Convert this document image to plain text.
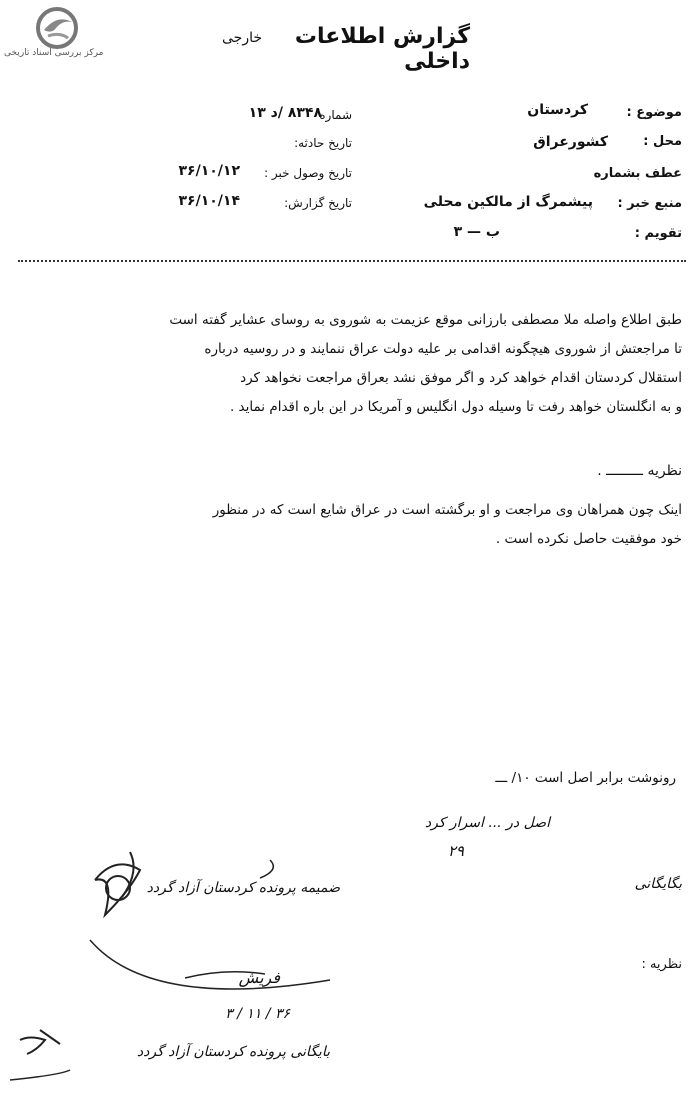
مرکز بررسی اسناد تاریخی
گزارش اطلاعات داخلی
خارجی
موضوع :
کردستان
محل :
کشورعراق
عطف بشماره
منبع خبر :
پیشمرگ از مالکین محلی
تقویم :
ب — ۳
شماره
۸۳۴۸ /د ۱۳
تاریخ حادثه:
تاریخ وصول خبر :
۳۶/۱۰/۱۲
تاریخ گزارش:
۳۶/۱۰/۱۴
طبق اطلاع واصله ملا مصطفی بارزانی موقع عزیمت به شوروی به روسای عشایر گفته است
تا مراجعتش از شوروی هیچگونه اقدامی بر علیه دولت عراق ننمایند و در روسیه درباره
استقلال کردستان اقدام خواهد کرد و اگر موفق نشد بعراق مراجعت نخواهد کرد
و به انگلستان خواهد رفت تا وسیله دول انگلیس و آمریکا در این باره اقدام نماید .
نظریه ـــــــــ .
اینک چون همراهان وی مراجعت و او برگشته است در عراق شایع است که در منظور
خود موفقیت حاصل نکرده است .
رونوشت برابر اصل است ۱۰/ ـــ
اصل در ... اسرار کرد
۲۹
ضمیمه پرونده کردستان آزاد گردد	بگایگانی
نظریه :
فریش
۳ / ۱۱ / ۳۶
بایگانی پرونده کردستان آزاد گردد
